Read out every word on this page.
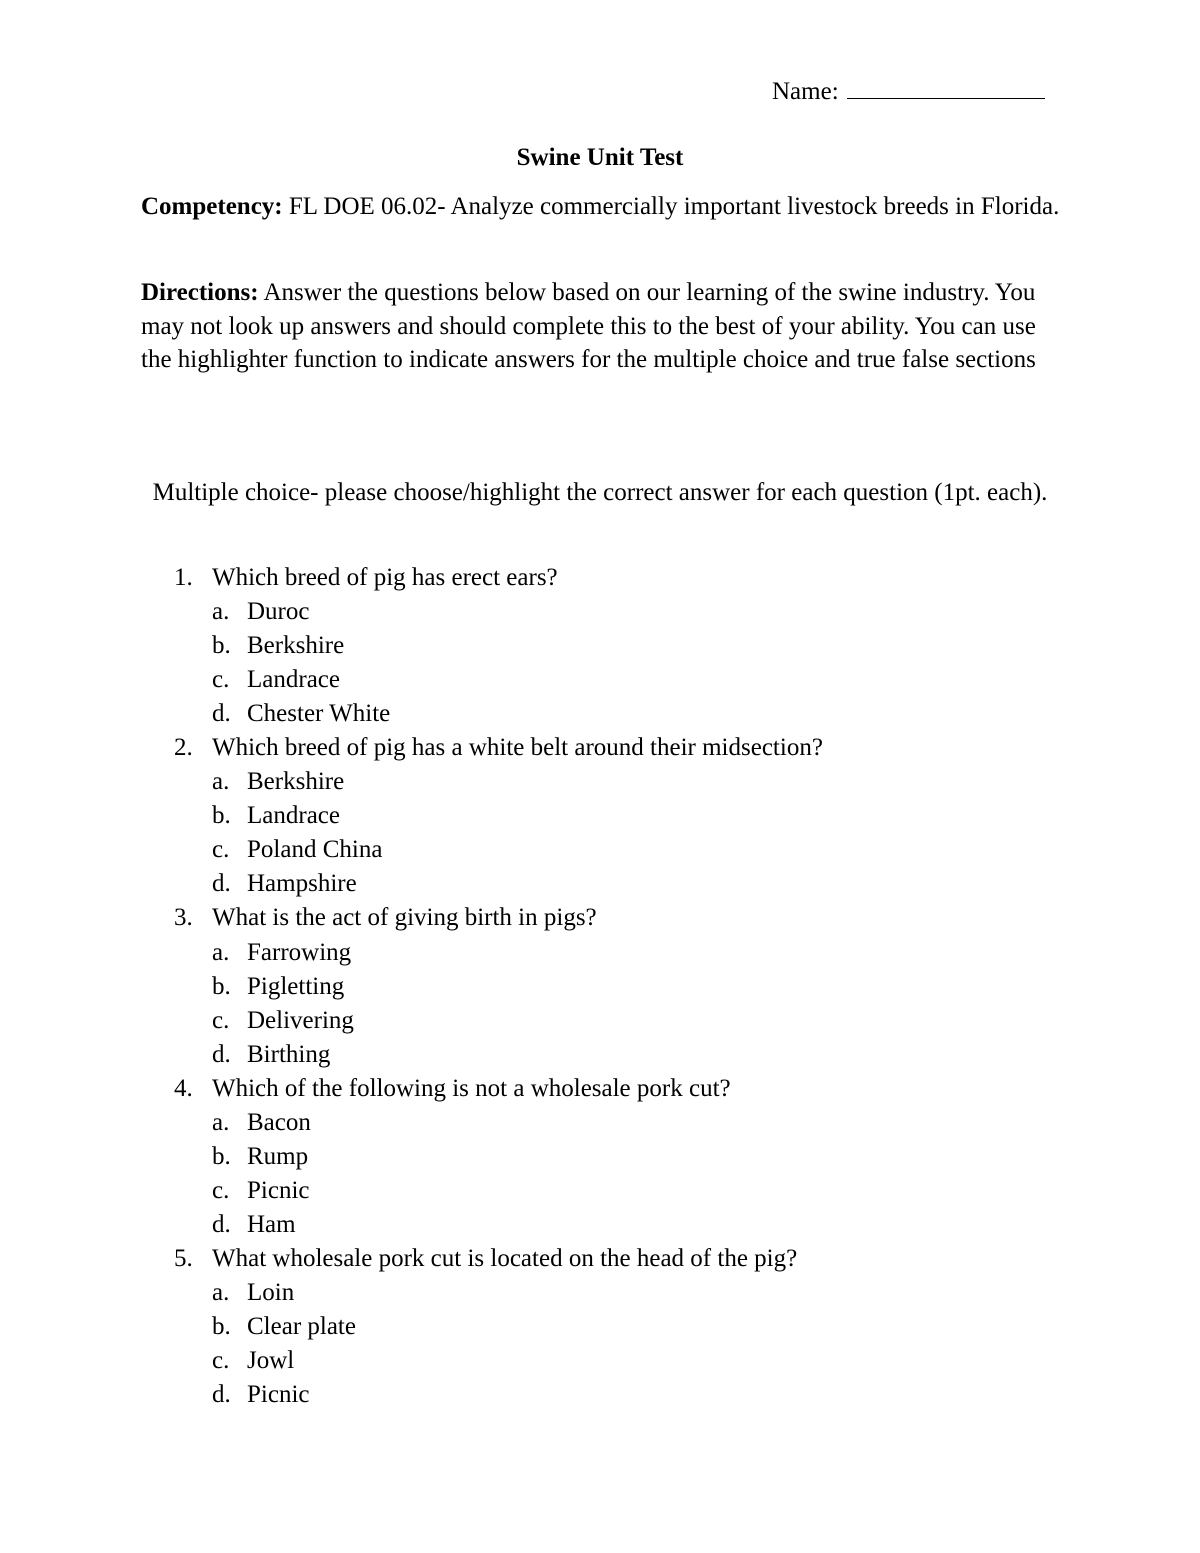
Name:
Swine Unit Test
Competency: FL DOE 06.02- Analyze commercially important livestock breeds in Florida.
Directions: Answer the questions below based on our learning of the swine industry. You may not look up answers and should complete this to the best of your ability. You can use the highlighter function to indicate answers for the multiple choice and true false sections
Multiple choice- please choose/highlight the correct answer for each question (1pt. each).
1. Which breed of pig has erect ears?
a. Duroc
b. Berkshire
c. Landrace
d. Chester White
2. Which breed of pig has a white belt around their midsection?
a. Berkshire
b. Landrace
c. Poland China
d. Hampshire
3. What is the act of giving birth in pigs?
a. Farrowing
b. Pigletting
c. Delivering
d. Birthing
4. Which of the following is not a wholesale pork cut?
a. Bacon
b. Rump
c. Picnic
d. Ham
5. What wholesale pork cut is located on the head of the pig?
a. Loin
b. Clear plate
c. Jowl
d. Picnic
